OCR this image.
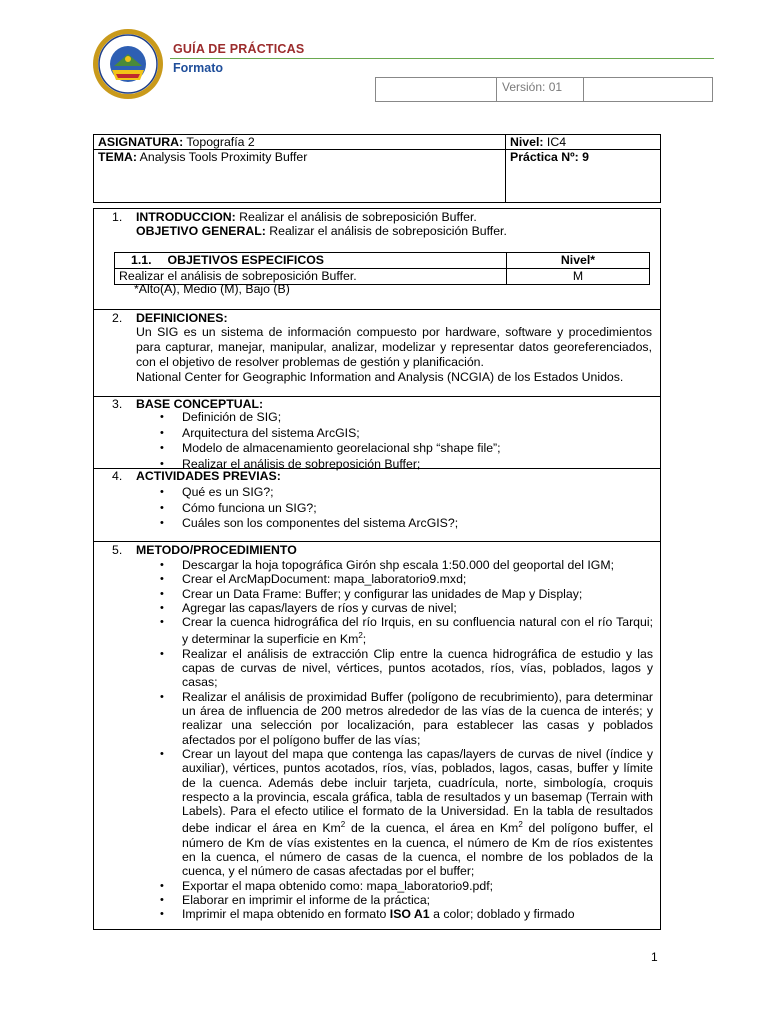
GUÍA DE PRÁCTICAS
Formato
Versión: 01
ASIGNATURA: Topografía 2	Nivel: IC4
TEMA: Analysis Tools Proximity Buffer	Práctica Nº: 9
1. INTRODUCCION: Realizar el análisis de sobreposición Buffer.
OBJETIVO GENERAL: Realizar el análisis de sobreposición Buffer.
1.1. OBJETIVOS ESPECIFICOS	Nivel*
Realizar el análisis de sobreposición Buffer.	M
*Alto(A), Medio (M), Bajo (B)
2. DEFINICIONES:
Un SIG es un sistema de información compuesto por hardware, software y procedimientos para capturar, manejar, manipular, analizar, modelizar y representar datos georeferenciados, con el objetivo de resolver problemas de gestión y planificación.
National Center for Geographic Information and Analysis (NCGIA) de los Estados Unidos.
3. BASE CONCEPTUAL:
• Definición de SIG;
• Arquitectura del sistema ArcGIS;
• Modelo de almacenamiento georelacional shp “shape file”;
• Realizar el análisis de sobreposición Buffer;
4. ACTIVIDADES PREVIAS:
• Qué es un SIG?;
• Cómo funciona un SIG?;
• Cuáles son los componentes del sistema ArcGIS?;
5. METODO/PROCEDIMIENTO
• Descargar la hoja topográfica Girón shp escala 1:50.000 del geoportal del IGM;
• Crear el ArcMapDocument: mapa_laboratorio9.mxd;
• Crear un Data Frame: Buffer; y configurar las unidades de Map y Display;
• Agregar las capas/layers de ríos y curvas de nivel;
• Crear la cuenca hidrográfica del río Irquis, en su confluencia natural con el río Tarqui; y determinar la superficie en Km$^2$;
• Realizar el análisis de extracción Clip entre la cuenca hidrográfica de estudio y las capas de curvas de nivel, vértices, puntos acotados, ríos, vías, poblados, lagos y casas;
• Realizar el análisis de proximidad Buffer (polígono de recubrimiento), para determinar un área de influencia de 200 metros alrededor de las vías de la cuenca de interés; y realizar una selección por localización, para establecer las casas y poblados afectados por el polígono buffer de las vías;
• Crear un layout del mapa que contenga las capas/layers de curvas de nivel (índice y auxiliar), vértices, puntos acotados, ríos, vías, poblados, lagos, casas, buffer y límite de la cuenca. Además debe incluir tarjeta, cuadrícula, norte, simbología, croquis respecto a la provincia, escala gráfica, tabla de resultados y un basemap (Terrain with Labels). Para el efecto utilice el formato de la Universidad. En la tabla de resultados debe indicar el área en Km$^2$ de la cuenca, el área en Km$^2$ del polígono buffer, el número de Km de vías existentes en la cuenca, el número de Km de ríos existentes en la cuenca, el número de casas de la cuenca, el nombre de los poblados de la cuenca, y el número de casas afectadas por el buffer;
• Exportar el mapa obtenido como: mapa_laboratorio9.pdf;
• Elaborar en imprimir el informe de la práctica;
• Imprimir el mapa obtenido en formato ISO A1 a color; doblado y firmado
1
